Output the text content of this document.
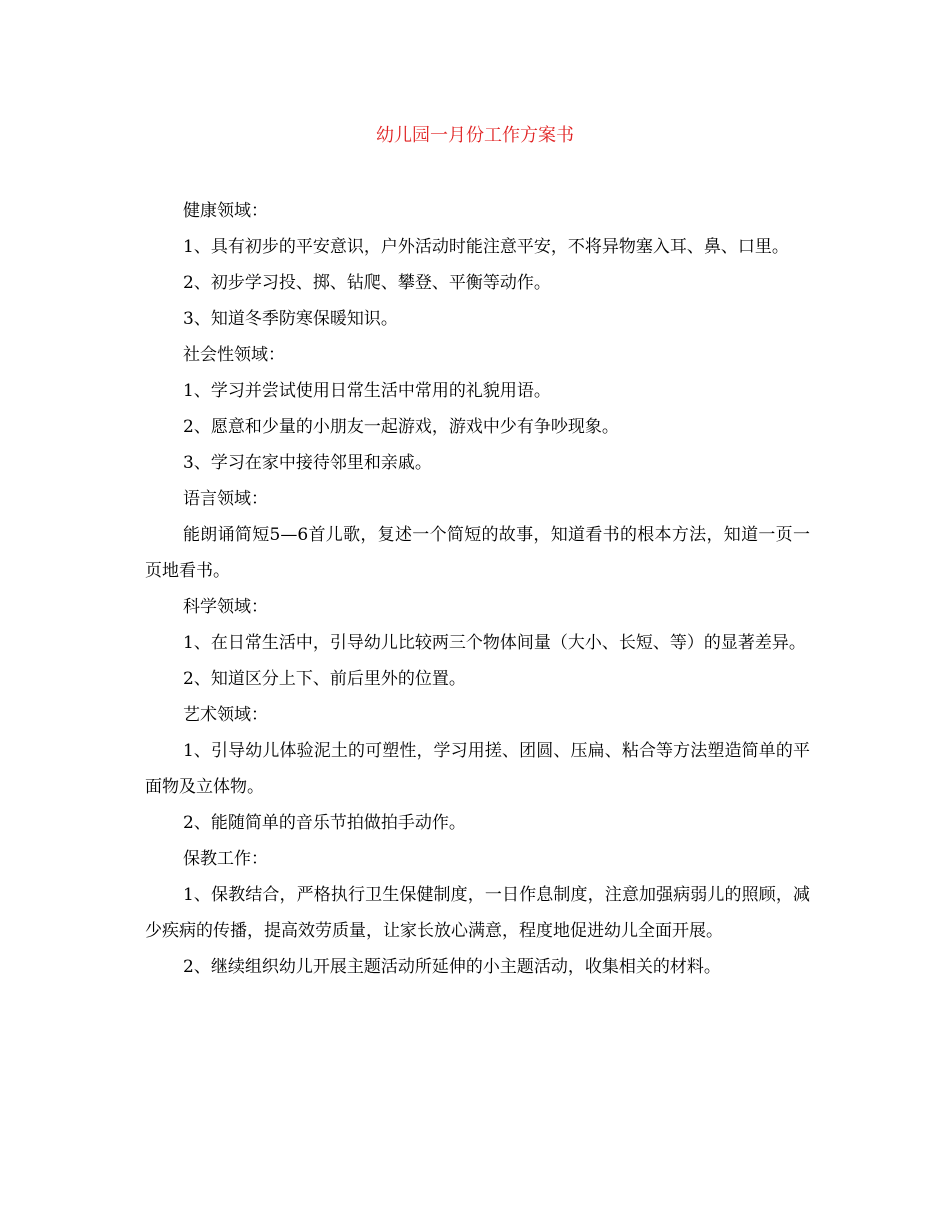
幼儿园一月份工作方案书

健康领域：

1、具有初步的平安意识，户外活动时能注意平安，不将异物塞入耳、鼻、口里。

2、初步学习投、掷、钻爬、攀登、平衡等动作。

3、知道冬季防寒保暖知识。

社会性领域：

1、学习并尝试使用日常生活中常用的礼貌用语。

2、愿意和少量的小朋友一起游戏，游戏中少有争吵现象。

3、学习在家中接待邻里和亲戚。

语言领域：

能朗诵简短5—6首儿歌，复述一个简短的故事，知道看书的根本方法，知道一页一页地看书。

科学领域：

1、在日常生活中，引导幼儿比较两三个物体间量（大小、长短、等）的显著差异。

2、知道区分上下、前后里外的位置。

艺术领域：

1、引导幼儿体验泥土的可塑性，学习用搓、团圆、压扁、粘合等方法塑造简单的平面物及立体物。

2、能随简单的音乐节拍做拍手动作。

保教工作：

1、保教结合，严格执行卫生保健制度，一日作息制度，注意加强病弱儿的照顾，减少疾病的传播，提高效劳质量，让家长放心满意，程度地促进幼儿全面开展。

2、继续组织幼儿开展主题活动所延伸的小主题活动，收集相关的材料。
